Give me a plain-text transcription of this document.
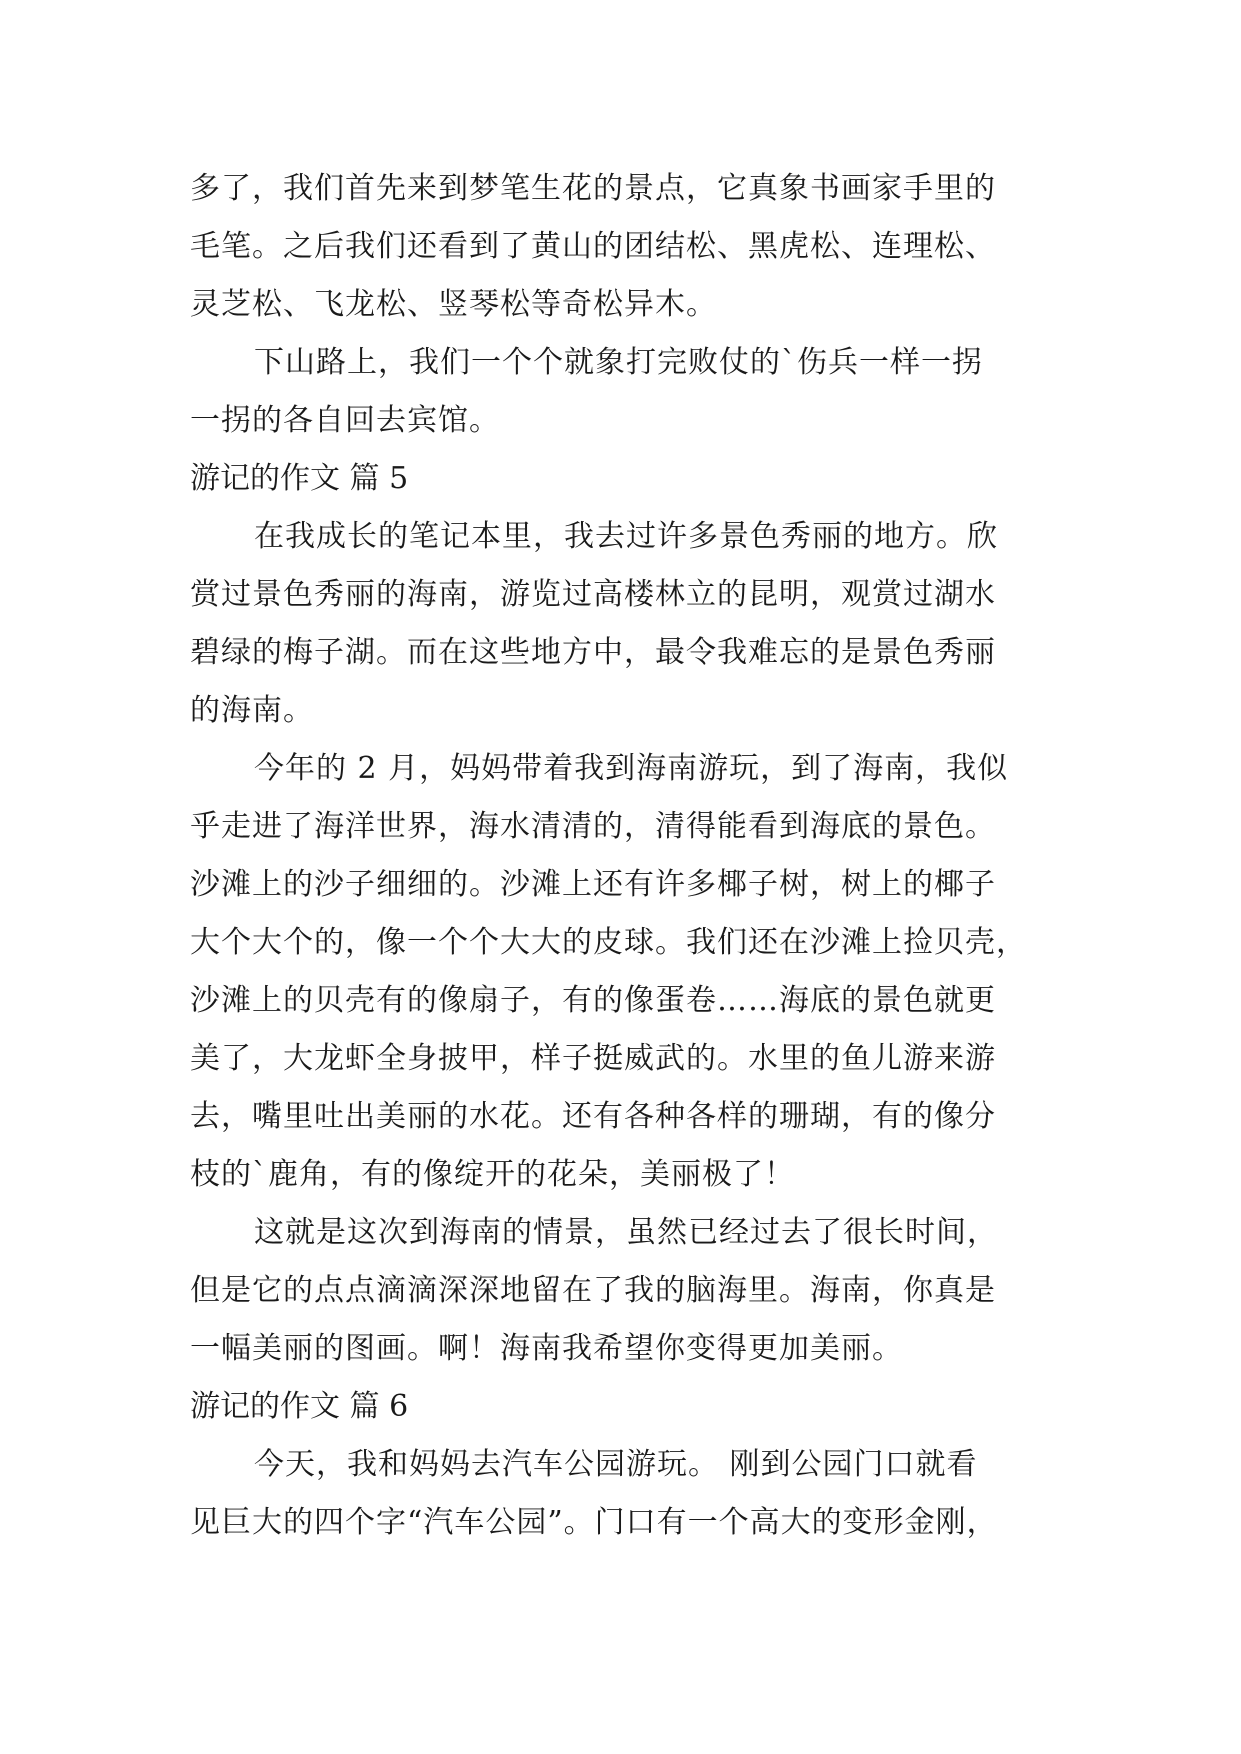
多了，我们首先来到梦笔生花的景点，它真象书画家手里的
毛笔。之后我们还看到了黄山的团结松、黑虎松、连理松、
灵芝松、飞龙松、竖琴松等奇松异木。
下山路上，我们一个个就象打完败仗的`伤兵一样一拐
一拐的各自回去宾馆。
游记的作文 篇 5
在我成长的笔记本里，我去过许多景色秀丽的地方。欣
赏过景色秀丽的海南，游览过高楼林立的昆明，观赏过湖水
碧绿的梅子湖。而在这些地方中，最令我难忘的是景色秀丽
的海南。
今年的 2 月，妈妈带着我到海南游玩，到了海南，我似
乎走进了海洋世界，海水清清的，清得能看到海底的景色。
沙滩上的沙子细细的。沙滩上还有许多椰子树，树上的椰子
大个大个的，像一个个大大的皮球。我们还在沙滩上捡贝壳，
沙滩上的贝壳有的像扇子，有的像蛋卷……海底的景色就更
美了，大龙虾全身披甲，样子挺威武的。水里的鱼儿游来游
去，嘴里吐出美丽的水花。还有各种各样的珊瑚，有的像分
枝的`鹿角，有的像绽开的花朵，美丽极了！
这就是这次到海南的情景，虽然已经过去了很长时间，
但是它的点点滴滴深深地留在了我的脑海里。海南，你真是
一幅美丽的图画。啊！海南我希望你变得更加美丽。
游记的作文 篇 6
今天，我和妈妈去汽车公园游玩。 刚到公园门口就看
见巨大的四个字“汽车公园”。门口有一个高大的变形金刚，
